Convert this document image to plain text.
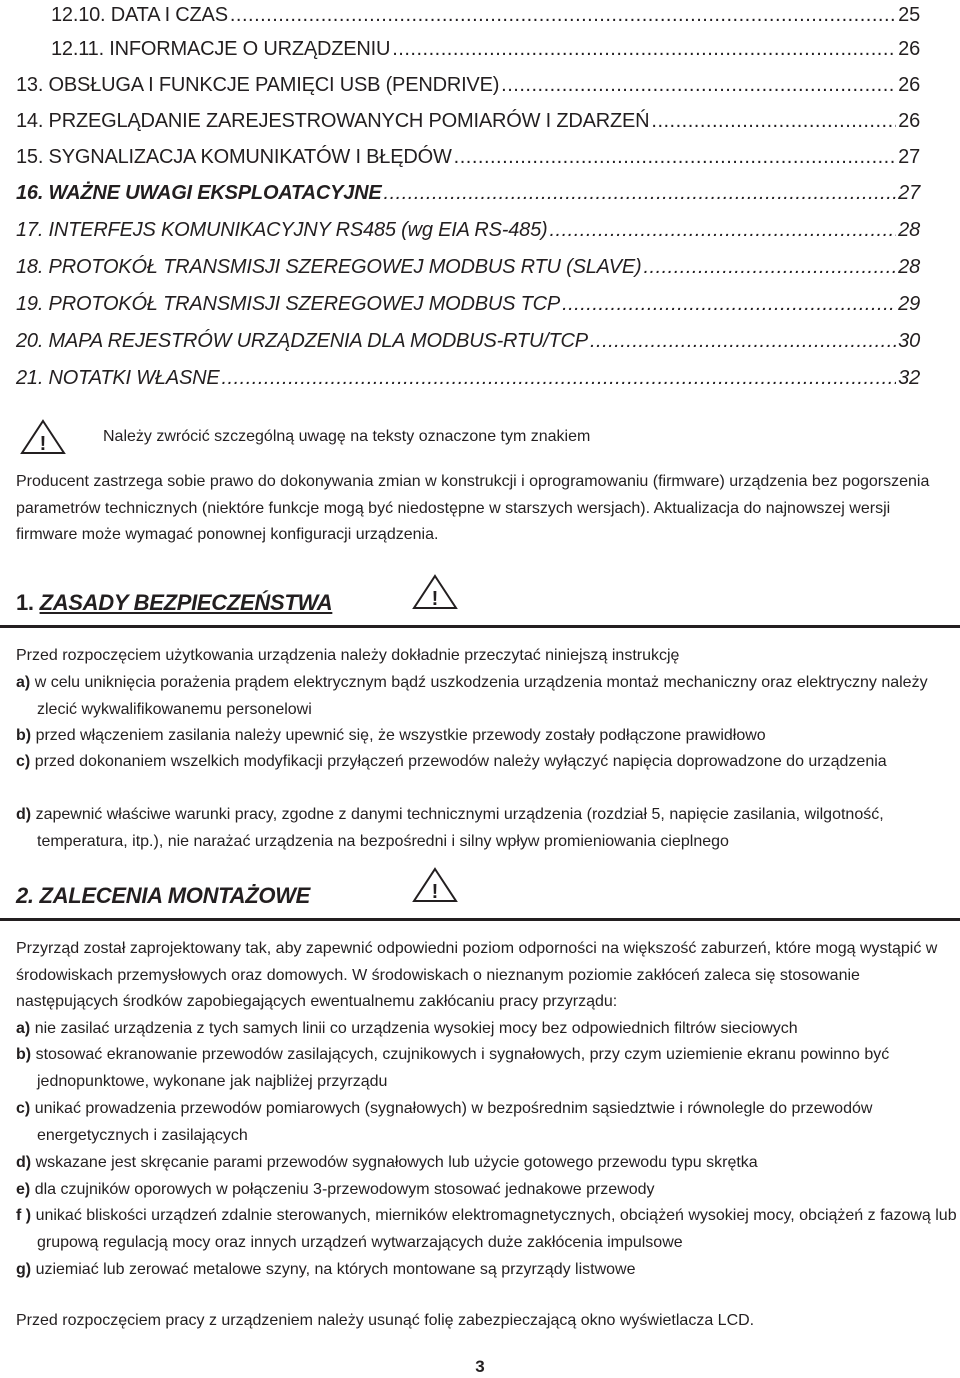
12.10. DATA I CZAS .....	25
12.11. INFORMACJE O URZĄDZENIU .....	26
13. OBSŁUGA I FUNKCJE PAMIĘCI USB (PENDRIVE) .....	26
14. PRZEGLĄDANIE ZAREJESTROWANYCH POMIARÓW I ZDARZEŃ .....	26
15. SYGNALIZACJA KOMUNIKATÓW I BŁĘDÓW .....	27
16. WAŻNE UWAGI EKSPLOATACYJNE .....	27
17. INTERFEJS KOMUNIKACYJNY RS485 (wg EIA RS-485) .....	28
18. PROTOKÓŁ TRANSMISJI SZEREGOWEJ MODBUS RTU (SLAVE) .....	28
19. PROTOKÓŁ TRANSMISJI SZEREGOWEJ MODBUS TCP .....	29
20. MAPA REJESTRÓW URZĄDZENIA DLA MODBUS-RTU/TCP .....	30
21. NOTATKI WŁASNE .....	32
!	Należy zwrócić szczególną uwagę na teksty oznaczone tym znakiem
Producent zastrzega sobie prawo do dokonywania zmian w konstrukcji i oprogramowaniu (firmware) urządzenia bez pogorszenia parametrów technicznych (niektóre funkcje mogą być niedostępne w starszych wersjach). Aktualizacja do najnowszej wersji firmware może wymagać ponownej konfiguracji urządzenia.
1. ZASADY BEZPIECZEŃSTWA	!
Przed rozpoczęciem użytkowania urządzenia należy dokładnie przeczytać niniejszą instrukcję
a) w celu uniknięcia porażenia prądem elektrycznym bądź uszkodzenia urządzenia montaż mechaniczny oraz elektryczny należy zlecić wykwalifikowanemu personelowi
b) przed włączeniem zasilania należy upewnić się, że wszystkie przewody zostały podłączone prawidłowo
c) przed dokonaniem wszelkich modyfikacji przyłączeń przewodów należy wyłączyć napięcia doprowadzone do urządzenia
d) zapewnić właściwe warunki pracy, zgodne z danymi technicznymi urządzenia (rozdział 5, napięcie zasilania, wilgotność, temperatura, itp.), nie narażać urządzenia na bezpośredni i silny wpływ promieniowania cieplnego
2. ZALECENIA MONTAŻOWE	!
Przyrząd został zaprojektowany tak, aby zapewnić odpowiedni poziom odporności na większość zaburzeń, które mogą wystąpić w środowiskach przemysłowych oraz domowych. W środowiskach o nieznanym poziomie zakłóceń zaleca się stosowanie następujących środków zapobiegających ewentualnemu zakłócaniu pracy przyrządu:
a) nie zasilać urządzenia z tych samych linii co urządzenia wysokiej mocy bez odpowiednich filtrów sieciowych
b) stosować ekranowanie przewodów zasilających, czujnikowych i sygnałowych, przy czym uziemienie ekranu powinno być jednopunktowe, wykonane jak najbliżej przyrządu
c) unikać prowadzenia przewodów pomiarowych (sygnałowych) w bezpośrednim sąsiedztwie i równolegle do przewodów energetycznych i zasilających
d) wskazane jest skręcanie parami przewodów sygnałowych lub użycie gotowego przewodu typu skrętka
e) dla czujników oporowych w połączeniu 3-przewodowym stosować jednakowe przewody
f ) unikać bliskości urządzeń zdalnie sterowanych, mierników elektromagnetycznych, obciążeń wysokiej mocy, obciążeń z fazową lub grupową regulacją mocy oraz innych urządzeń wytwarzających duże zakłócenia impulsowe
g) uziemiać lub zerować metalowe szyny, na których montowane są przyrządy listwowe
Przed rozpoczęciem pracy z urządzeniem należy usunąć folię zabezpieczającą okno wyświetlacza LCD.
3
